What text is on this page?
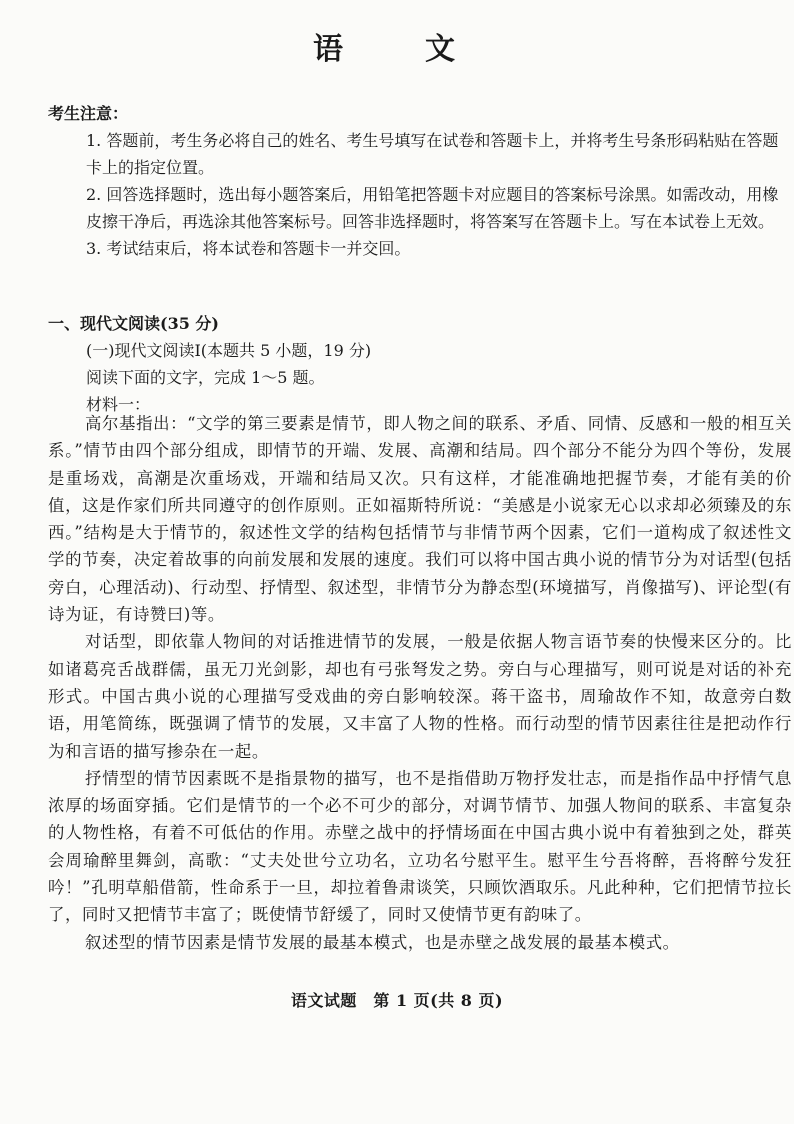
语　文
考生注意：
1. 答题前，考生务必将自己的姓名、考生号填写在试卷和答题卡上，并将考生号条形码粘贴在答题卡上的指定位置。
2. 回答选择题时，选出每小题答案后，用铅笔把答题卡对应题目的答案标号涂黑。如需改动，用橡皮擦干净后，再选涂其他答案标号。回答非选择题时，将答案写在答题卡上。写在本试卷上无效。
3. 考试结束后，将本试卷和答题卡一并交回。
一、现代文阅读(35 分)
(一)现代文阅读Ⅰ(本题共 5 小题，19 分)
阅读下面的文字，完成 1～5 题。
材料一：

高尔基指出：“文学的第三要素是情节，即人物之间的联系、矛盾、同情、反感和一般的相互关系。”情节由四个部分组成，即情节的开端、发展、高潮和结局。四个部分不能分为四个等份，发展是重场戏，高潮是次重场戏，开端和结局又次。只有这样，才能准确地把握节奏，才能有美的价值，这是作家们所共同遵守的创作原则。正如福斯特所说：“美感是小说家无心以求却必须臻及的东西。”结构是大于情节的，叙述性文学的结构包括情节与非情节两个因素，它们一道构成了叙述性文学的节奏，决定着故事的向前发展和发展的速度。我们可以将中国古典小说的情节分为对话型(包括旁白，心理活动)、行动型、抒情型、叙述型，非情节分为静态型(环境描写，肖像描写)、评论型(有诗为证，有诗赞曰)等。

对话型，即依靠人物间的对话推进情节的发展，一般是依据人物言语节奏的快慢来区分的。比如诸葛亮舌战群儒，虽无刀光剑影，却也有弓张弩发之势。旁白与心理描写，则可说是对话的补充形式。中国古典小说的心理描写受戏曲的旁白影响较深。蒋干盗书，周瑜故作不知，故意旁白数语，用笔简练，既强调了情节的发展，又丰富了人物的性格。而行动型的情节因素往往是把动作行为和言语的描写掺杂在一起。

抒情型的情节因素既不是指景物的描写，也不是指借助万物抒发壮志，而是指作品中抒情气息浓厚的场面穿插。它们是情节的一个必不可少的部分，对调节情节、加强人物间的联系、丰富复杂的人物性格，有着不可低估的作用。赤壁之战中的抒情场面在中国古典小说中有着独到之处，群英会周瑜醉里舞剑，高歌：“丈夫处世兮立功名，立功名兮慰平生。慰平生兮吾将醉，吾将醉兮发狂吟！”孔明草船借箭，性命系于一旦，却拉着鲁肃谈笑，只顾饮酒取乐。凡此种种，它们把情节拉长了，同时又把情节丰富了；既使情节舒缓了，同时又使情节更有韵味了。

叙述型的情节因素是情节发展的最基本模式，也是赤壁之战发展的最基本模式。

语文试题　第 1 页(共 8 页)
